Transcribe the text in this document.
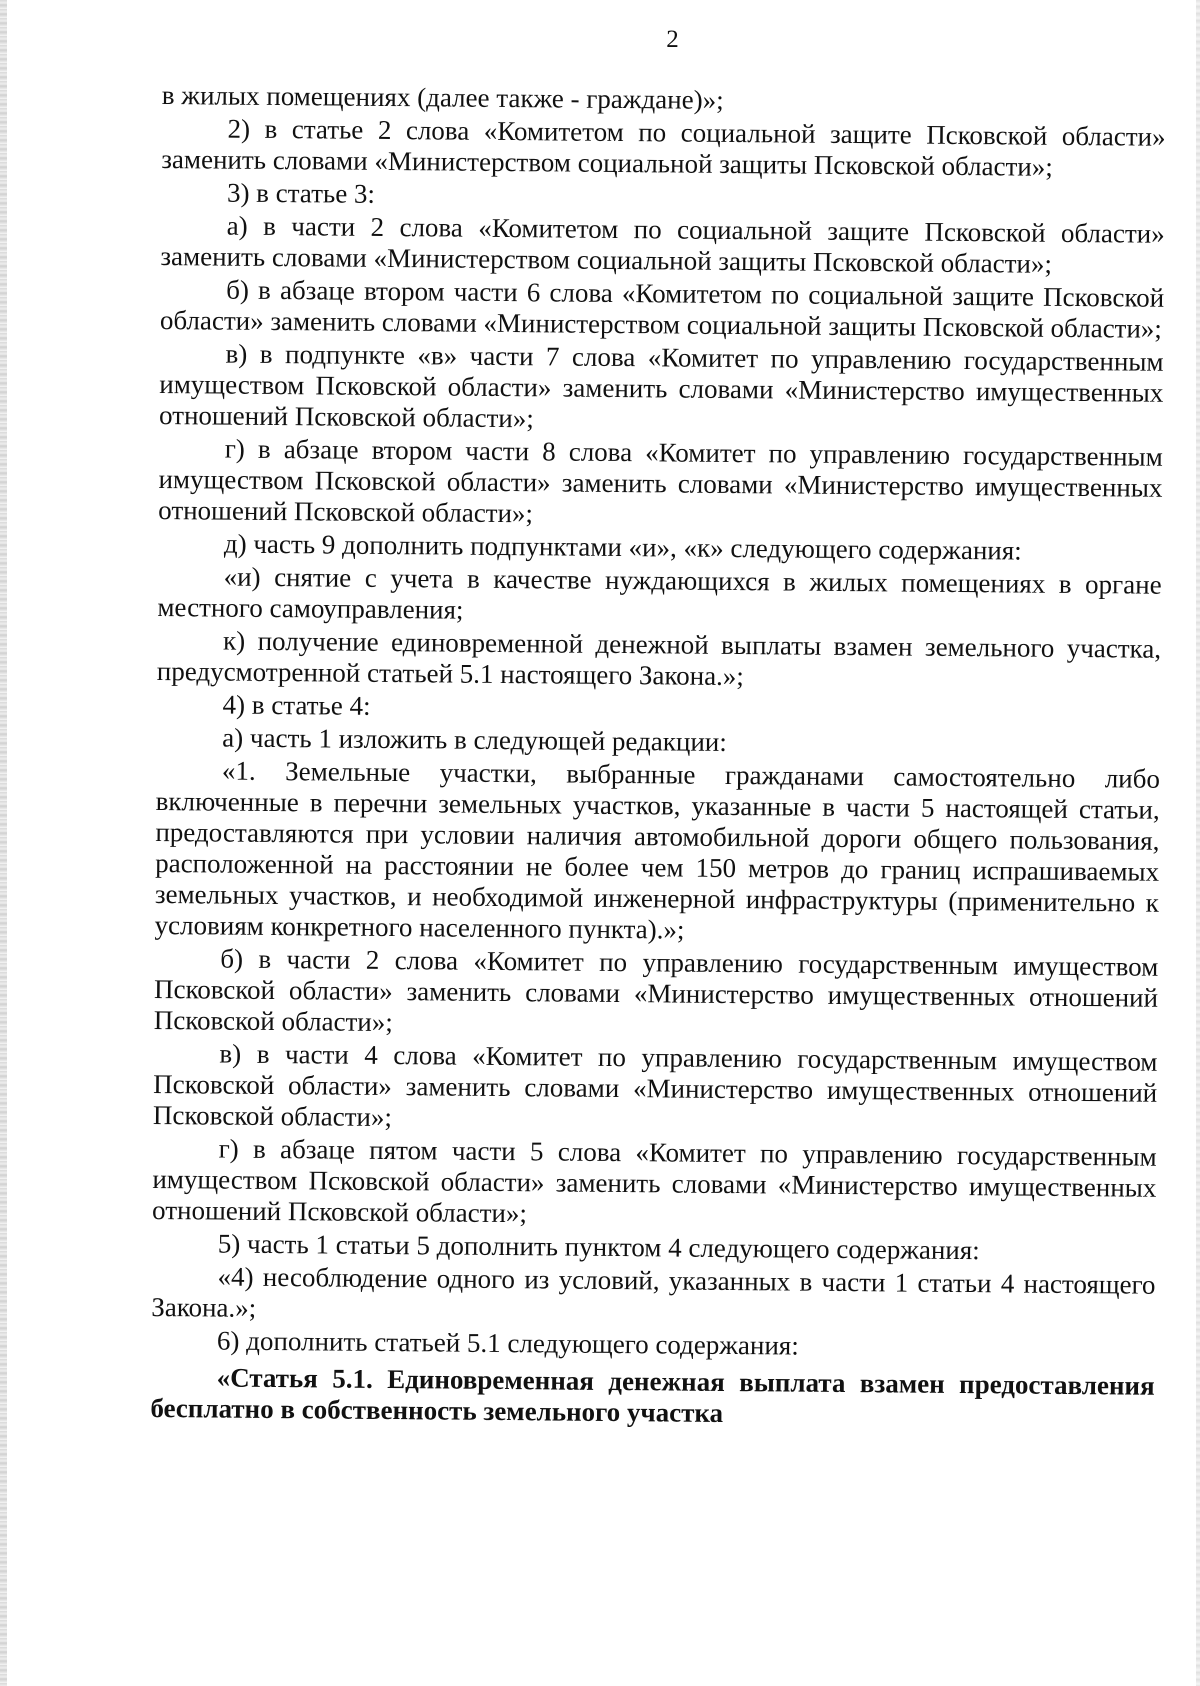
2

в жилых помещениях (далее также - граждане)»;

2) в статье 2 слова «Комитетом по социальной защите Псковской области» заменить словами «Министерством социальной защиты Псковской области»;

3) в статье 3:

а) в части 2 слова «Комитетом по социальной защите Псковской области» заменить словами «Министерством социальной защиты Псковской области»;

б) в абзаце втором части 6 слова «Комитетом по социальной защите Псковской области» заменить словами «Министерством социальной защиты Псковской области»;

в) в подпункте «в» части 7 слова «Комитет по управлению государственным имуществом Псковской области» заменить словами «Министерство имущественных отношений Псковской области»;

г) в абзаце втором части 8 слова «Комитет по управлению государственным имуществом Псковской области» заменить словами «Министерство имущественных отношений Псковской области»;

д) часть 9 дополнить подпунктами «и», «к» следующего содержания:

«и) снятие с учета в качестве нуждающихся в жилых помещениях в органе местного самоуправления;

к) получение единовременной денежной выплаты взамен земельного участка, предусмотренной статьей 5.1 настоящего Закона.»;

4) в статье 4:

а) часть 1 изложить в следующей редакции:

«1. Земельные участки, выбранные гражданами самостоятельно либо включенные в перечни земельных участков, указанные в части 5 настоящей статьи, предоставляются при условии наличия автомобильной дороги общего пользования, расположенной на расстоянии не более чем 150 метров до границ испрашиваемых земельных участков, и необходимой инженерной инфраструктуры (применительно к условиям конкретного населенного пункта).»;

б) в части 2 слова «Комитет по управлению государственным имуществом Псковской области» заменить словами «Министерство имущественных отношений Псковской области»;

в) в части 4 слова «Комитет по управлению государственным имуществом Псковской области» заменить словами «Министерство имущественных отношений Псковской области»;

г) в абзаце пятом части 5 слова «Комитет по управлению государственным имуществом Псковской области» заменить словами «Министерство имущественных отношений Псковской области»;

5) часть 1 статьи 5 дополнить пунктом 4 следующего содержания:

«4) несоблюдение одного из условий, указанных в части 1 статьи 4 настоящего Закона.»;

6) дополнить статьей 5.1 следующего содержания:

«Статья 5.1. Единовременная денежная выплата взамен предоставления бесплатно в собственность земельного участка
